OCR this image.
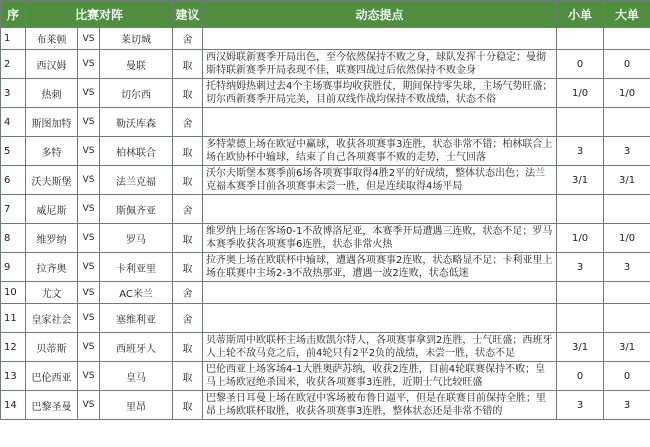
序	比赛对阵			建议	动态提点	小单	大单
1	布莱顿	VS	莱切城	舍			
2	西汉姆	VS	曼联	取	西汉姆联新赛季开局出色，至今依然保持不败之身，球队发挥十分稳定；曼彻斯特联新赛季开局表现不佳，联赛四战过后依然保持不败金身	0	0
3	热刺	VS	切尔西	取	托特纳姆热刺过去4个主场赛事均收获胜仗，期间保持零失球，主场气势旺盛；切尔西新赛季开局完美，目前双线作战均保持不败战绩，状态不俗	1/0	1/0
4	斯图加特	VS	勒沃库森	舍			
5	多特	VS	柏林联合	取	多特蒙德上场在欧冠中赢球，收获各项赛事3连胜，状态非常不错；柏林联合上场在欧协杯中输球，结束了自己各项赛事不败的走势，士气回落	3	3
6	沃夫斯堡	VS	法兰克福	取	沃尔夫斯堡本赛季前6场各项赛事取得4胜2平的好成绩，整体状态出色；法兰克福本赛季目前各项赛事未尝一胜，但是连续取得4场平局	3/1	3/1
7	威尼斯	VS	斯佩齐亚	舍			
8	维罗纳	VS	罗马	取	维罗纳上场在客场0-1不敌博洛尼亚，本赛季开局遭遇三连败，状态不足；罗马本赛季收获各项赛事6连胜，状态非常火热	1/0	1/0
9	拉齐奥	VS	卡利亚里	取	拉齐奥上场在欧联杯中输球，遭遇各项赛事2连败，状态略显不足；卡利亚里上场在联赛中主场2-3不敌热那亚，遭遇一波2连败，状态低迷	3	3
10	尤文	VS	AC米兰	舍			
11	皇家社会	VS	塞维利亚	舍			
12	贝蒂斯	VS	西班牙人	取	贝蒂斯周中欧联杯主场击败凯尔特人，各项赛事拿到2连胜，士气旺盛；西班牙人上轮不敌马竞之后，前4轮只有2平2负的战绩，未尝一胜，状态不足	3/1	3/1
13	巴伦西亚	VS	皇马	取	巴伦西亚上场客场4-1大胜奥萨苏纳，收获2连胜，目前4轮联赛保持不败；皇马上场欧冠绝杀国米，收获各项赛事3连胜，近期士气比较旺盛	0	0
14	巴黎圣曼	VS	里昂	取	巴黎圣日耳曼上场在欧冠中客场被布鲁日逼平，但是在联赛目前保持全胜；里昂上场欧联杯取胜，收获各项赛事3连胜，整体状态还是非常不错的	3	3
